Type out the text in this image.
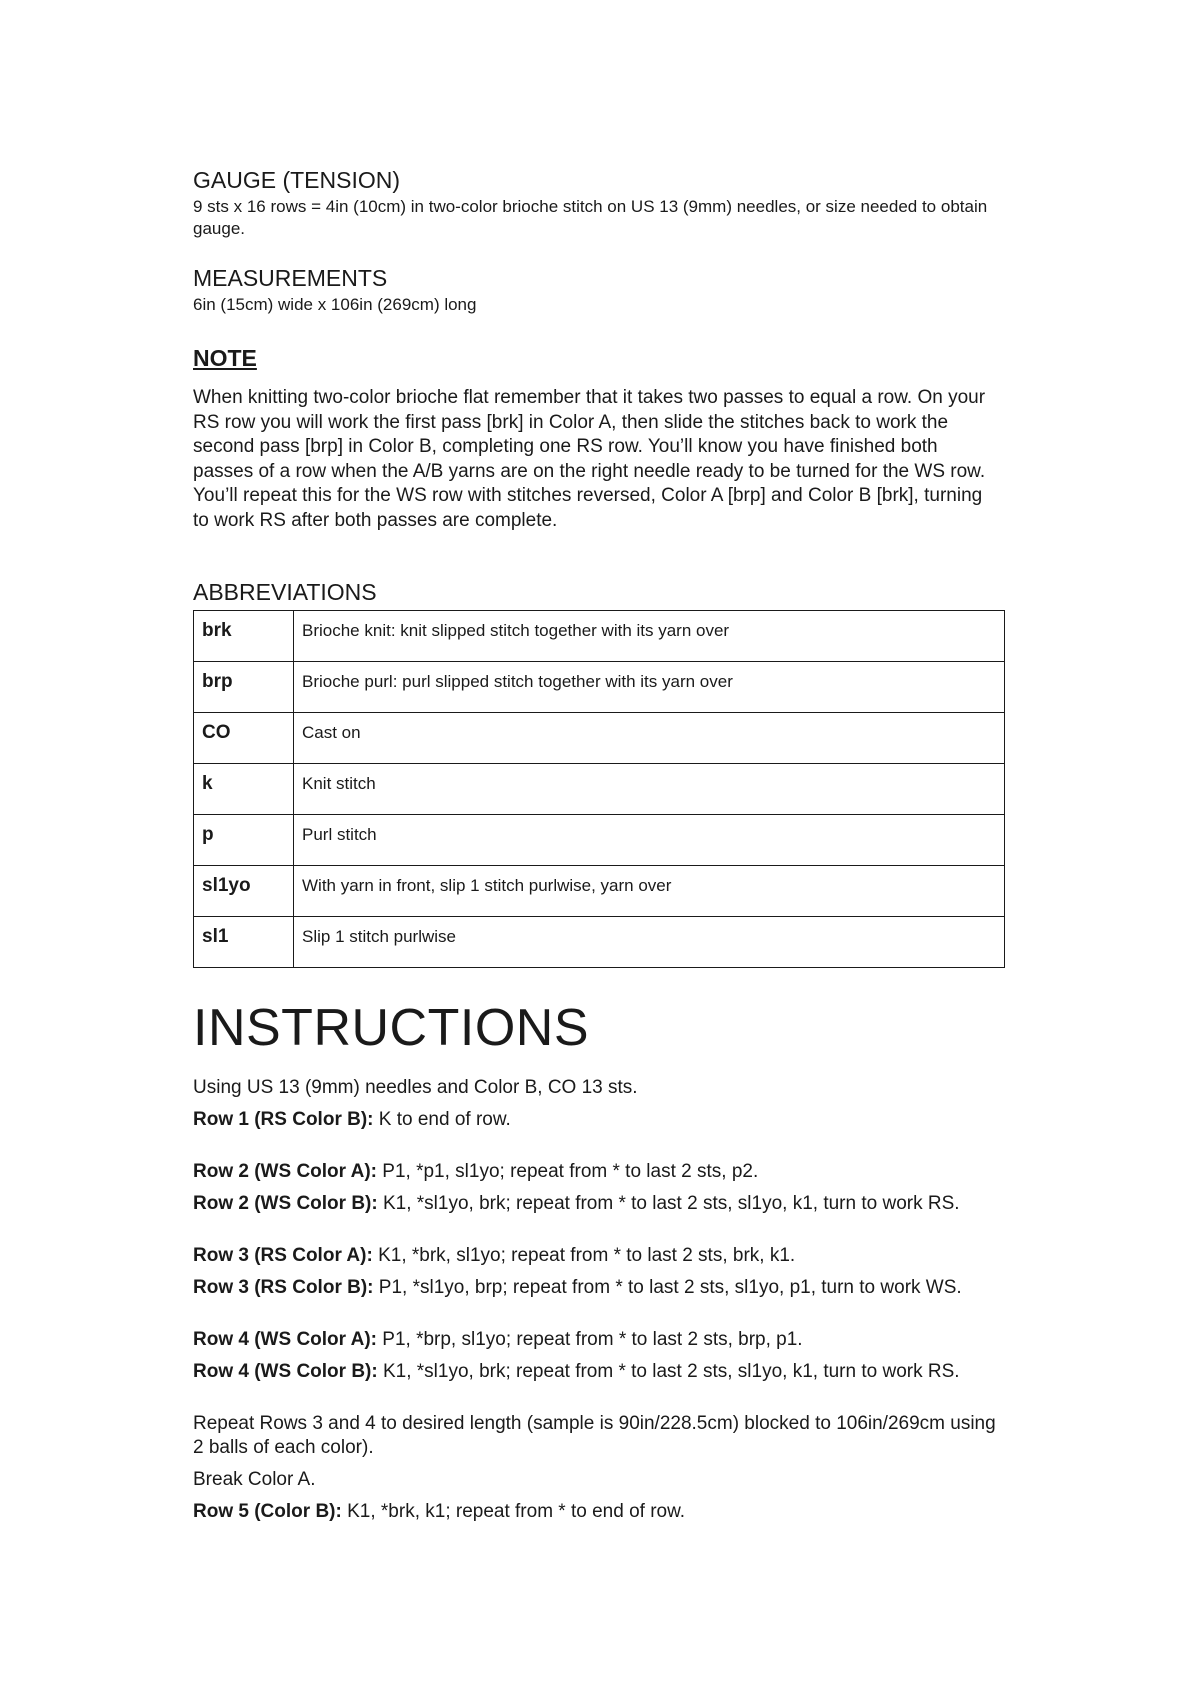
GAUGE (TENSION)

9 sts x 16 rows = 4in (10cm) in two-color brioche stitch on US 13 (9mm) needles, or size needed to obtain gauge.

MEASUREMENTS

6in (15cm) wide x 106in (269cm) long

NOTE

When knitting two-color brioche flat remember that it takes two passes to equal a row. On your RS row you will work the first pass [brk] in Color A, then slide the stitches back to work the second pass [brp] in Color B, completing one RS row. You’ll know you have finished both passes of a row when the A/B yarns are on the right needle ready to be turned for the WS row. You’ll repeat this for the WS row with stitches reversed, Color A [brp] and Color B [brk], turning to work RS after both passes are complete.

ABBREVIATIONS
brk	Brioche knit: knit slipped stitch together with its yarn over
brp	Brioche purl: purl slipped stitch together with its yarn over
CO	Cast on
k	Knit stitch
p	Purl stitch
sl1yo	With yarn in front, slip 1 stitch purlwise, yarn over
sl1	Slip 1 stitch purlwise
INSTRUCTIONS

Using US 13 (9mm) needles and Color B, CO 13 sts.

Row 1 (RS Color B): K to end of row.

Row 2 (WS Color A): P1, *p1, sl1yo; repeat from * to last 2 sts, p2.

Row 2 (WS Color B): K1, *sl1yo, brk; repeat from * to last 2 sts, sl1yo, k1, turn to work RS.

Row 3 (RS Color A): K1, *brk, sl1yo; repeat from * to last 2 sts, brk, k1.

Row 3 (RS Color B): P1, *sl1yo, brp; repeat from * to last 2 sts, sl1yo, p1, turn to work WS.

Row 4 (WS Color A): P1, *brp, sl1yo; repeat from * to last 2 sts, brp, p1.

Row 4 (WS Color B): K1, *sl1yo, brk; repeat from * to last 2 sts, sl1yo, k1, turn to work RS.

Repeat Rows 3 and 4 to desired length (sample is 90in/228.5cm) blocked to 106in/269cm using 2 balls of each color).

Break Color A.

Row 5 (Color B): K1, *brk, k1; repeat from * to end of row.
